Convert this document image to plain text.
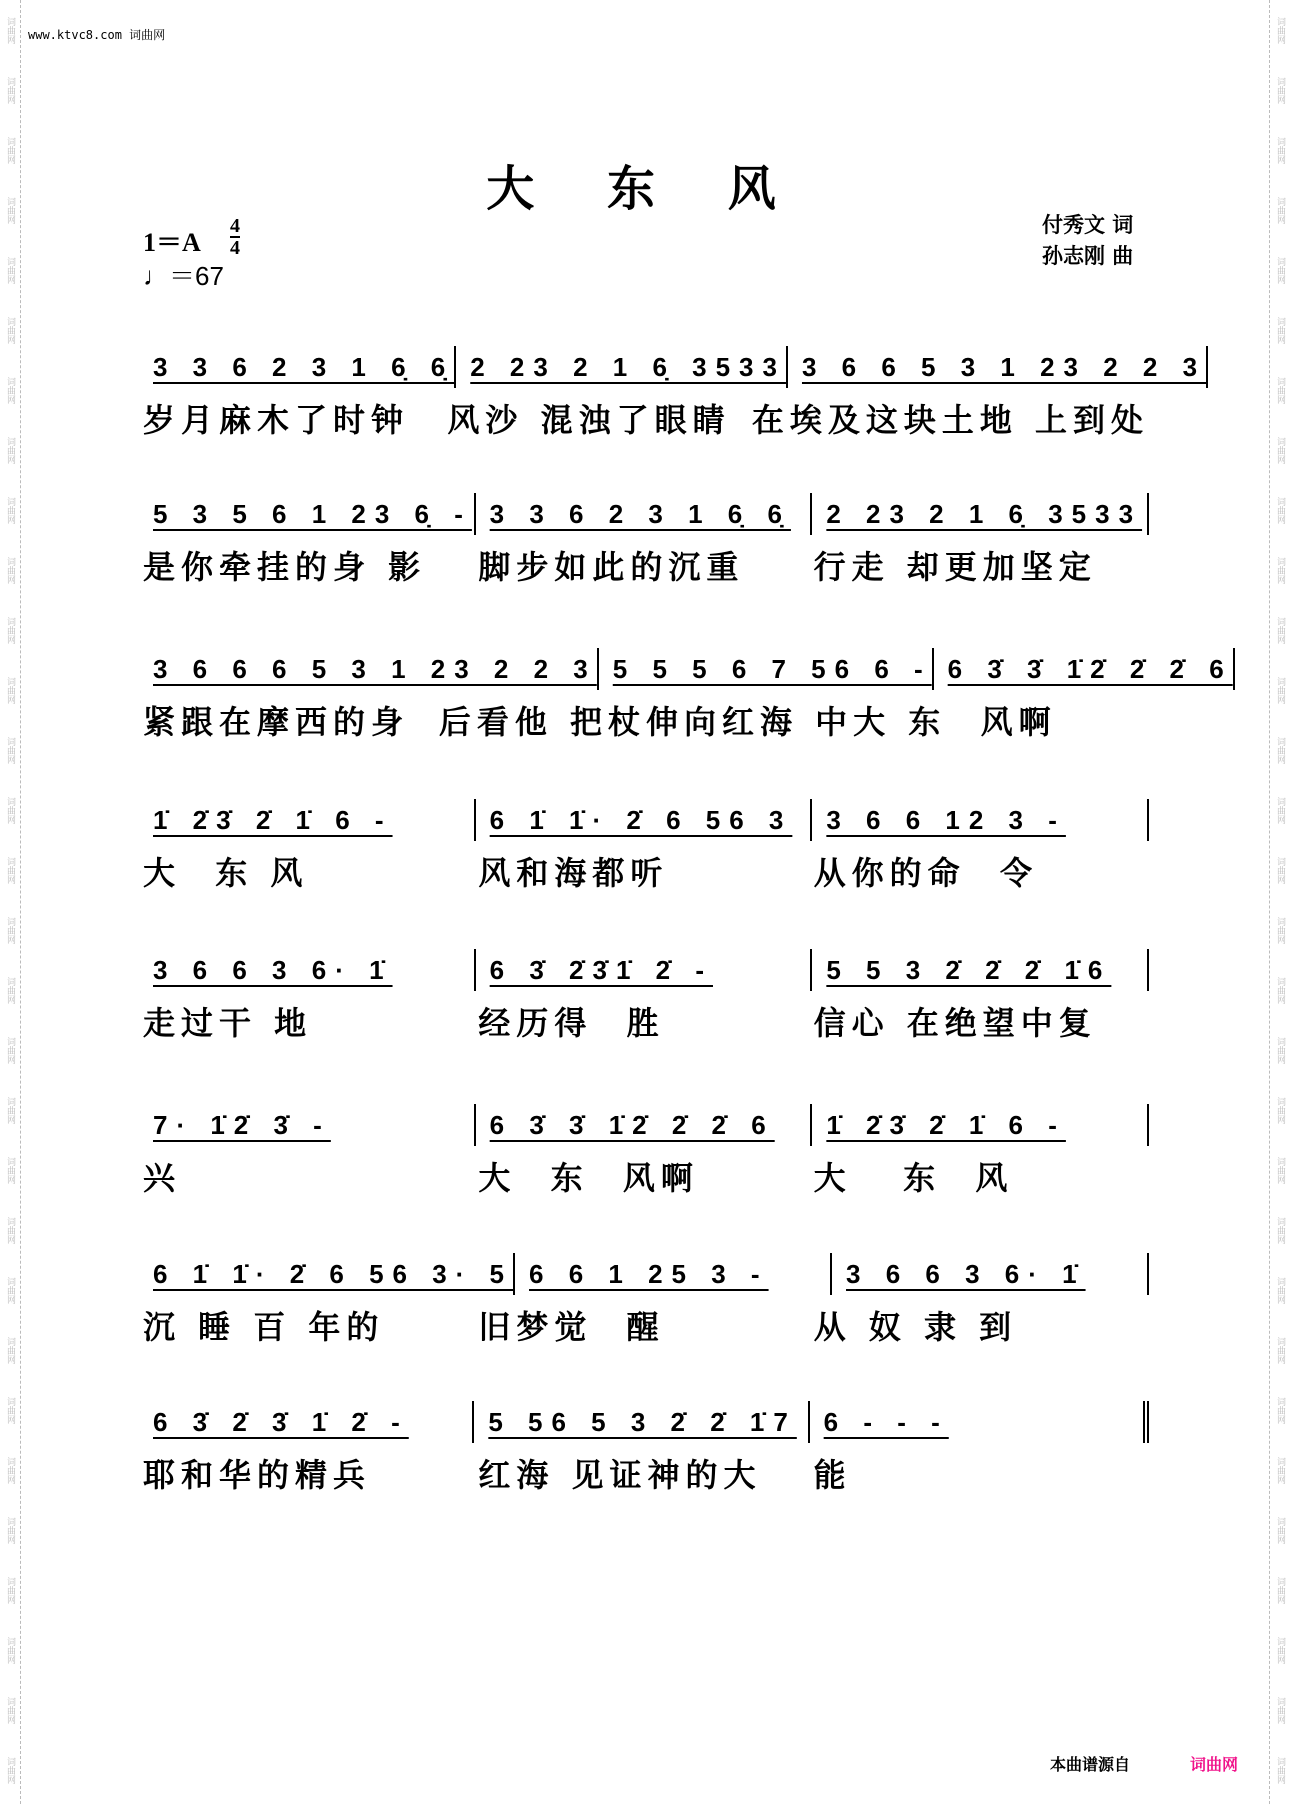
词曲网
词曲网
词曲网
词曲网
词曲网
词曲网
词曲网
词曲网
词曲网
词曲网
词曲网
词曲网
词曲网
词曲网
词曲网
词曲网
词曲网
词曲网
词曲网
词曲网
词曲网
词曲网
词曲网
词曲网
词曲网
词曲网
词曲网
词曲网
词曲网
词曲网
词曲网
词曲网
词曲网
词曲网
词曲网
词曲网
词曲网
词曲网
词曲网
词曲网
词曲网
词曲网
词曲网
词曲网
词曲网
词曲网
词曲网
词曲网
词曲网
词曲网
词曲网
词曲网
词曲网
词曲网
词曲网
词曲网
词曲网
词曲网
词曲网
词曲网
www.ktvc8.com 词曲网
大 东 风
1＝A
4
4
♩＝67
付秀文 词
孙志刚 曲
3 3 6 2 3 1 6̣ 6̣ 2 23 2 1 6̣ 3533 3 6 6 5 3 1 23 2 2 3
岁月麻木了时钟	风沙 混浊了眼睛 在埃及这块土地 上到处
5 3 5 6 1 23 6̣ - 3 3 6 2 3 1 6̣ 6̣	2 23 2 1 6̣ 3533
是你牵挂的身 影	脚步如此的沉重	行走 却更加坚定
3 6 6 6 5 3 1 23 2 2 3 5 5 5 6 7 56 6 - 6 3̇ 3̇ 1̇2̇ 2̇ 2̇ 6
紧跟在摩西的身 后看他 把杖伸向红海 中 大 东  风啊
1̇ 2̇3̇ 2̇ 1̇ 6 -	6 1̇ 1̇· 2̇ 6 56 3	3 6 6 12 3 -
大  东 风	风和海都听	从你的命  令
3 6 6 3 6· 1̇	6 3̇ 2̇3̇1̇ 2̇ -	5 5 3 2̇ 2̇ 2̇ 1̇6
走过干 地	经历得  胜	信心 在绝望中复
7· 1̇2̇ 3̇ -	6 3̇ 3̇ 1̇2̇ 2̇ 2̇ 6	1̇ 2̇3̇ 2̇ 1̇ 6 -
兴	大  东  风啊	大   东  风
6 1̇ 1̇· 2̇ 6 56 3· 5 6 6 1 25 3 -	3 6 6 3 6· 1̇
沉 睡 百 年的	旧梦觉  醒	从 奴 隶 到
6 3̇ 2̇ 3̇ 1̇ 2̇ -	5 56 5 3 2̇ 2̇ 1̇7	6 - - -
耶和华的精兵	红海 见证神的大	能
本曲谱源自	词曲网
